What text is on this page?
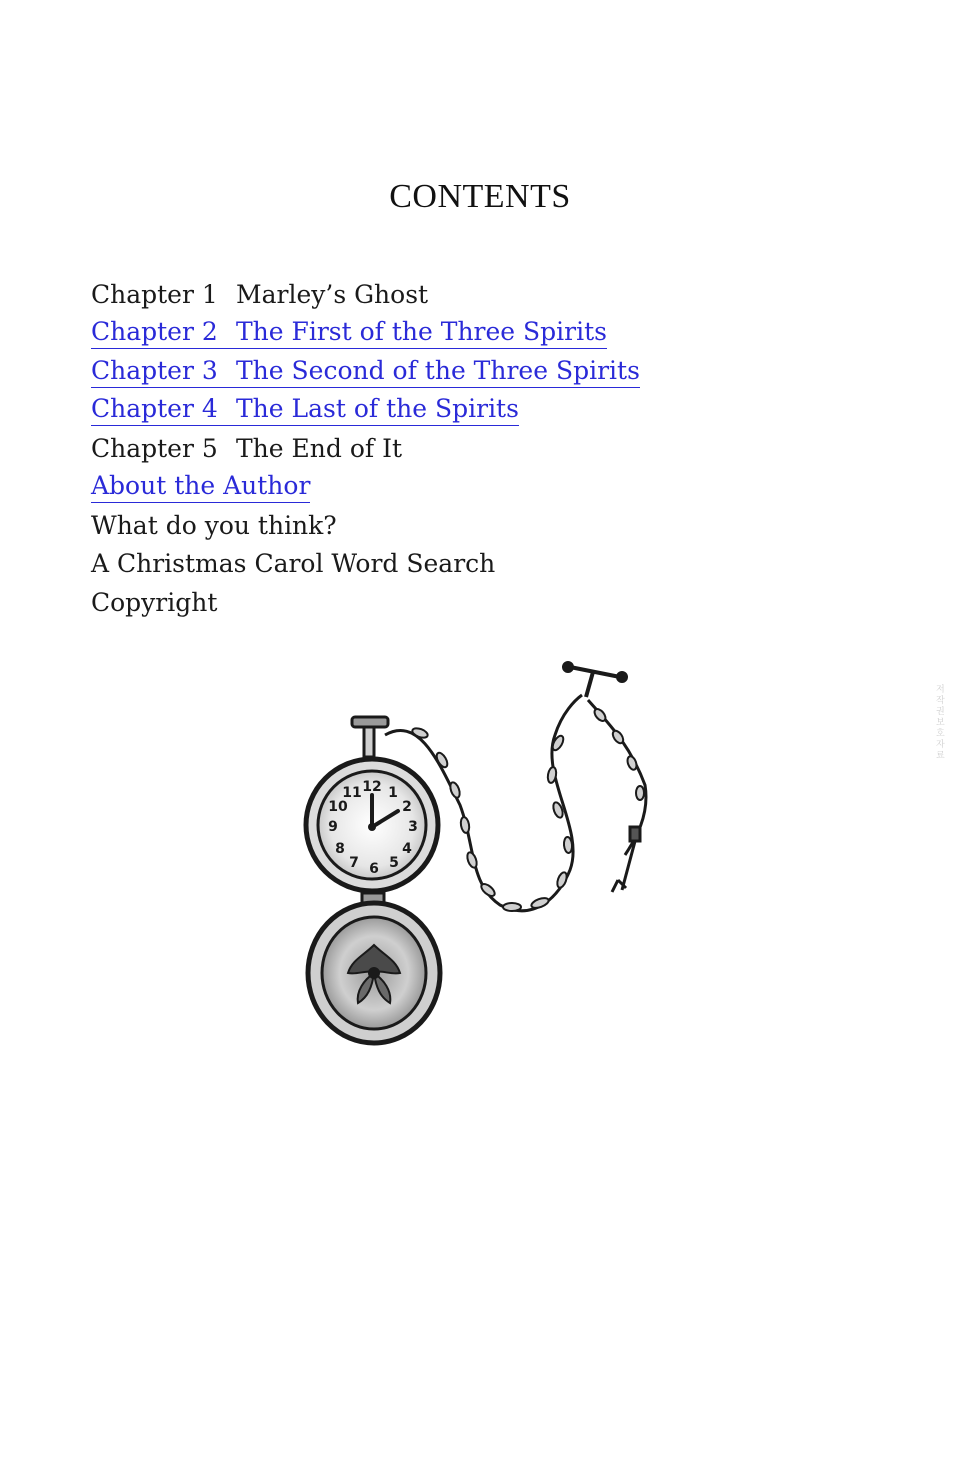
CONTENTS
Chapter 1 Marley’s Ghost
Chapter 2 The First of the Three Spirits
Chapter 3 The Second of the Three Spirits
Chapter 4 The Last of the Spirits
Chapter 5 The End of It
About the Author
What do you think?
A Christmas Carol Word Search
Copyright
12 1
2
3
4
5
6
7
8
9
10
11
저작권 보호 자료
